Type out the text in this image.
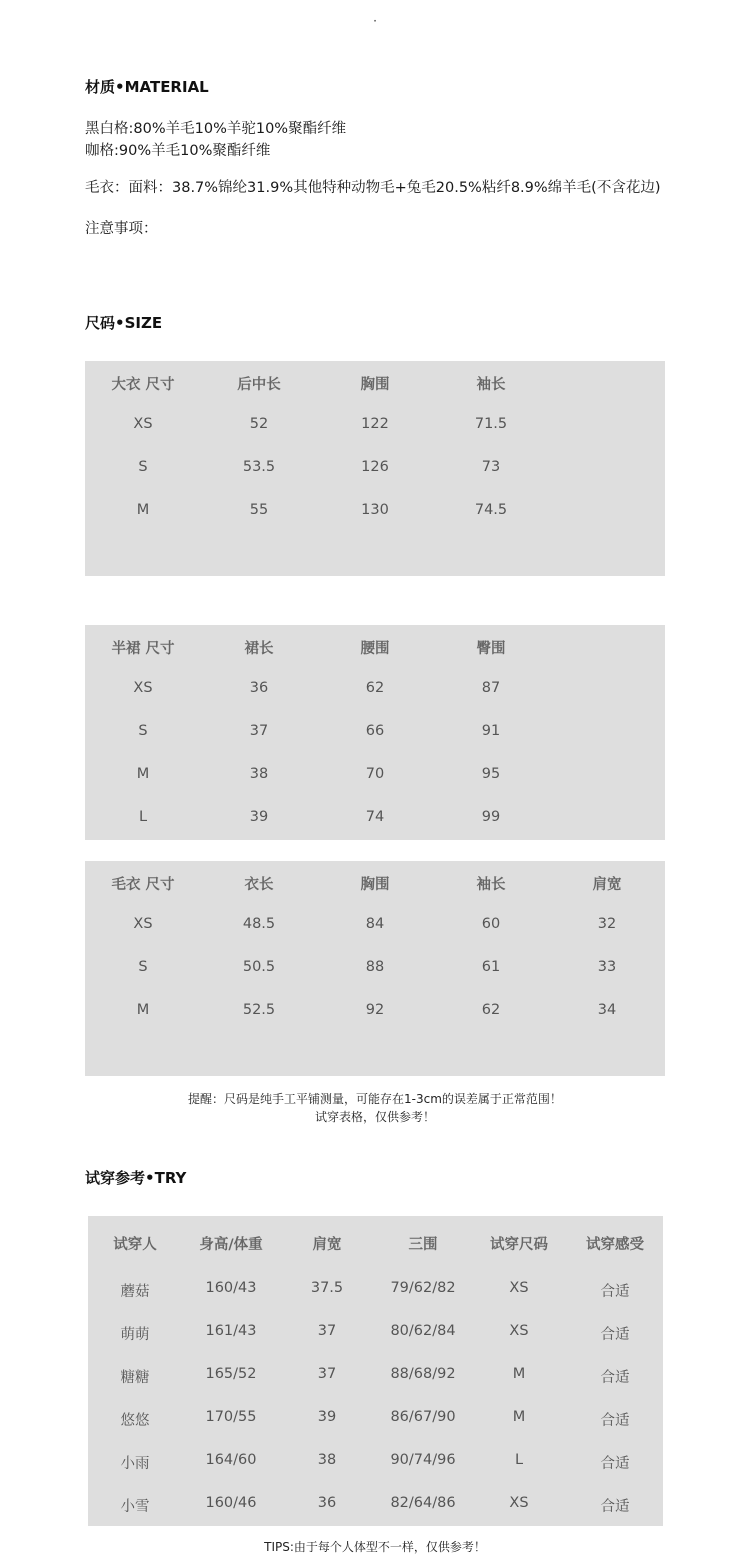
·
材质•MATERIAL
黑白格:80%羊毛10%羊驼10%聚酯纤维
咖格:90%羊毛10%聚酯纤维
毛衣：面料：38.7%锦纶31.9%其他特种动物毛+兔毛20.5%粘纤8.9%绵羊毛(不含花边)
注意事项：
尺码•SIZE
大衣 尺寸	后中长	胸围	袖长
XS	52	122	71.5
S	53.5	126	73
M	55	130	74.5
半裙 尺寸	裙长	腰围	臀围
XS	36	62	87
S	37	66	91
M	38	70	95
L	39	74	99
毛衣 尺寸	衣长	胸围	袖长	肩宽
XS	48.5	84	60	32
S	50.5	88	61	33
M	52.5	92	62	34
提醒：尺码是纯手工平铺测量，可能存在1-3cm的误差属于正常范围！
试穿表格，仅供参考！
试穿参考•TRY
试穿人	身高/体重	肩宽	三围	试穿尺码	试穿感受
蘑菇	160/43	37.5	79/62/82	XS	合适
萌萌	161/43	37	80/62/84	XS	合适
糖糖	165/52	37	88/68/92	M	合适
悠悠	170/55	39	86/67/90	M	合适
小雨	164/60	38	90/74/96	L	合适
小雪	160/46	36	82/64/86	XS	合适
TIPS:由于每个人体型不一样，仅供参考！
